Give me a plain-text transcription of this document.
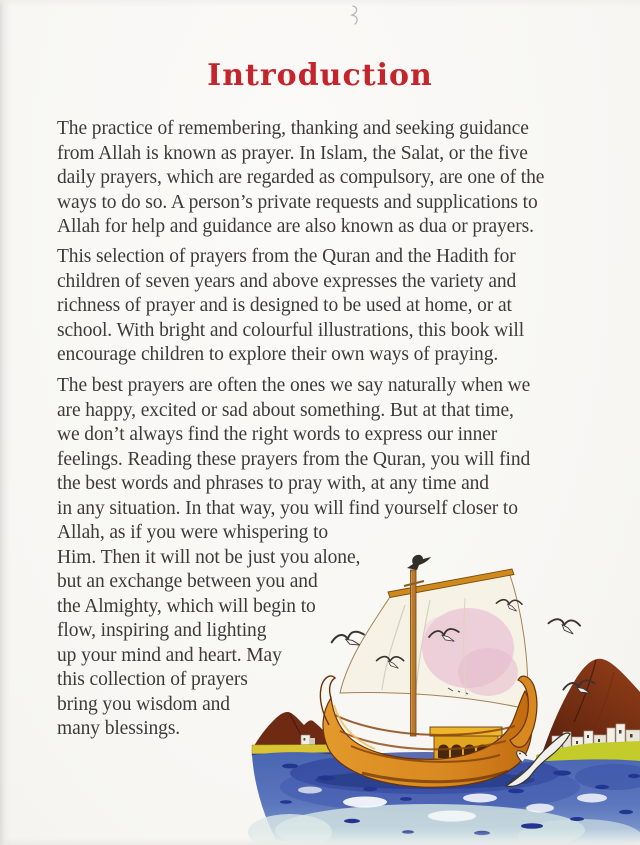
Introduction
The practice of remembering, thanking and seeking guidance
from Allah is known as prayer. In Islam, the Salat, or the five
daily prayers, which are regarded as compulsory, are one of the
ways to do so. A person’s private requests and supplications to
Allah for help and guidance are also known as dua or prayers.
This selection of prayers from the Quran and the Hadith for
children of seven years and above expresses the variety and
richness of prayer and is designed to be used at home, or at
school. With bright and colourful illustrations, this book will
encourage children to explore their own ways of praying.
The best prayers are often the ones we say naturally when we
are happy, excited or sad about something. But at that time,
we don’t always find the right words to express our inner
feelings. Reading these prayers from the Quran, you will find
the best words and phrases to pray with, at any time and
in any situation. In that way, you will find yourself closer to
Allah, as if you were whispering to
Him. Then it will not be just you alone,
but an exchange between you and
the Almighty, which will begin to
flow, inspiring and lighting
up your mind and heart. May
this collection of prayers
bring you wisdom and
many blessings.
